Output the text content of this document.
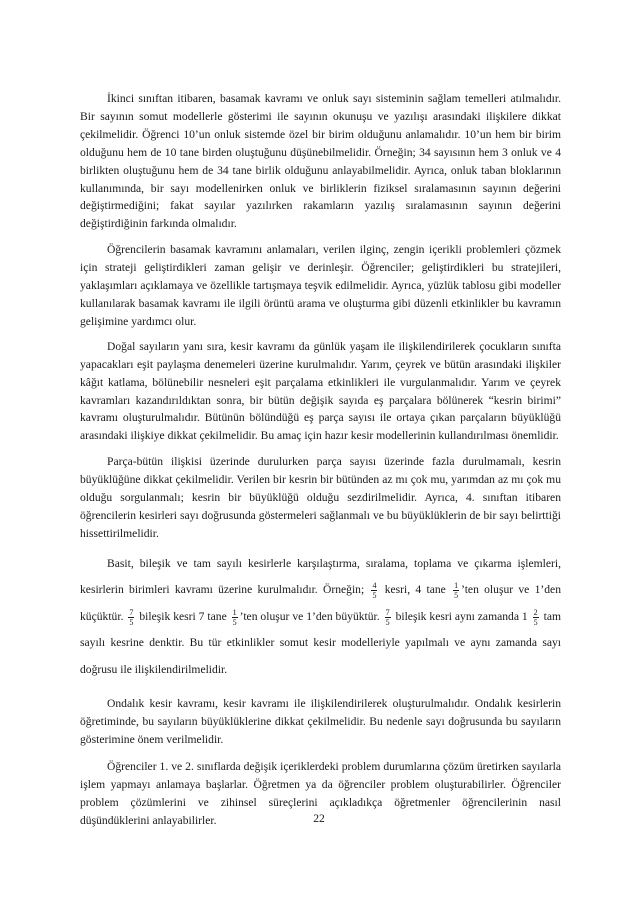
İkinci sınıftan itibaren, basamak kavramı ve onluk sayı sisteminin sağlam temelleri atılmalıdır. Bir sayının somut modellerle gösterimi ile sayının okunuşu ve yazılışı arasındaki ilişkilere dikkat çekilmelidir. Öğrenci 10’un onluk sistemde özel bir birim olduğunu anlamalıdır. 10’un hem bir birim olduğunu hem de 10 tane birden oluştuğunu düşünebilmelidir. Örneğin; 34 sayısının hem 3 onluk ve 4 birlikten oluştuğunu hem de 34 tane birlik olduğunu anlayabilmelidir. Ayrıca, onluk taban bloklarının kullanımında, bir sayı modellenirken onluk ve birliklerin fiziksel sıralamasının sayının değerini değiştirmediğini; fakat sayılar yazılırken rakamların yazılış sıralamasının sayının değerini değiştirdiğinin farkında olmalıdır.

Öğrencilerin basamak kavramını anlamaları, verilen ilginç, zengin içerikli problemleri çözmek için strateji geliştirdikleri zaman gelişir ve derinleşir. Öğrenciler; geliştirdikleri bu stratejileri, yaklaşımları açıklamaya ve özellikle tartışmaya teşvik edilmelidir. Ayrıca, yüzlük tablosu gibi modeller kullanılarak basamak kavramı ile ilgili örüntü arama ve oluşturma gibi düzenli etkinlikler bu kavramın gelişimine yardımcı olur.

Doğal sayıların yanı sıra, kesir kavramı da günlük yaşam ile ilişkilendirilerek çocukların sınıfta yapacakları eşit paylaşma denemeleri üzerine kurulmalıdır. Yarım, çeyrek ve bütün arasındaki ilişkiler kâğıt katlama, bölünebilir nesneleri eşit parçalama etkinlikleri ile vurgulanmalıdır. Yarım ve çeyrek kavramları kazandırıldıktan sonra, bir bütün değişik sayıda eş parçalara bölünerek “kesrin birimi” kavramı oluşturulmalıdır. Bütünün bölündüğü eş parça sayısı ile ortaya çıkan parçaların büyüklüğü arasındaki ilişkiye dikkat çekilmelidir. Bu amaç için hazır kesir modellerinin kullandırılması önemlidir.

Parça-bütün ilişkisi üzerinde durulurken parça sayısı üzerinde fazla durulmamalı, kesrin büyüklüğüne dikkat çekilmelidir. Verilen bir kesrin bir bütünden az mı çok mu, yarımdan az mı çok mu olduğu sorgulanmalı; kesrin bir büyüklüğü olduğu sezdirilmelidir. Ayrıca, 4. sınıftan itibaren öğrencilerin kesirleri sayı doğrusunda göstermeleri sağlanmalı ve bu büyüklüklerin de bir sayı belirttiği hissettirilmelidir.

Basit, bileşik ve tam sayılı kesirlerle karşılaştırma, sıralama, toplama ve çıkarma işlemleri, kesirlerin birimleri kavramı üzerine kurulmalıdır. Örneğin; $\frac{4}{5}$ kesri, 4 tane $\frac{1}{5}$ ’ten oluşur ve 1’den küçüktür. $\frac{7}{5}$ bileşik kesri 7 tane $\frac{1}{5}$ ’ten oluşur ve 1’den büyüktür. $\frac{7}{5}$ bileşik kesri aynı zamanda $1 \frac{2}{5}$ tam sayılı kesrine denktir. Bu tür etkinlikler somut kesir modelleriyle yapılmalı ve aynı zamanda sayı doğrusu ile ilişkilendirilmelidir.

Ondalık kesir kavramı, kesir kavramı ile ilişkilendirilerek oluşturulmalıdır. Ondalık kesirlerin öğretiminde, bu sayıların büyüklüklerine dikkat çekilmelidir. Bu nedenle sayı doğrusunda bu sayıların gösterimine önem verilmelidir.

Öğrenciler 1. ve 2. sınıflarda değişik içeriklerdeki problem durumlarına çözüm üretirken sayılarla işlem yapmayı anlamaya başlarlar. Öğretmen ya da öğrenciler problem oluşturabilirler. Öğrenciler problem çözümlerini ve zihinsel süreçlerini açıkladıkça öğretmenler öğrencilerinin nasıl düşündüklerini anlayabilirler.	22
